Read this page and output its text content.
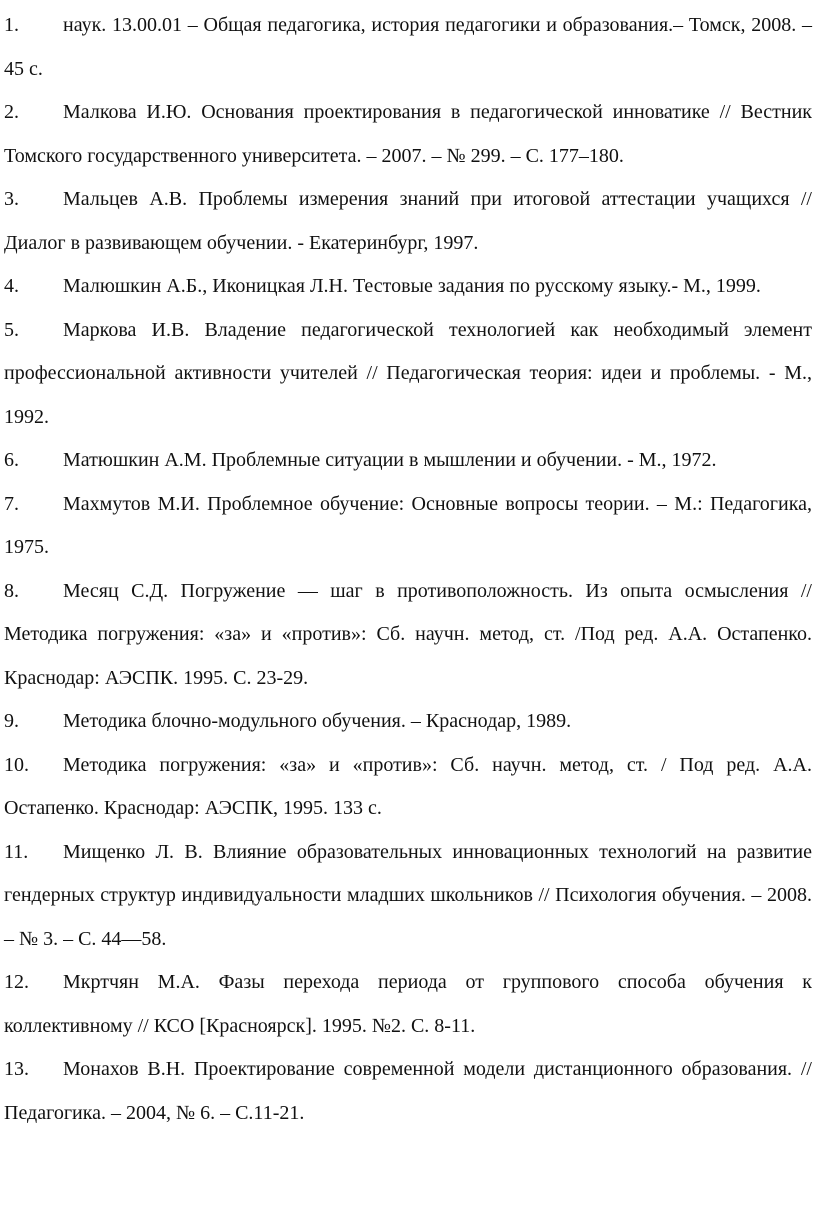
1. наук. 13.00.01 – Общая педагогика, история педагогики и образования.– Томск, 2008. – 45 с.
2. Малкова И.Ю. Основания проектирования в педагогической инноватике // Вестник Томского государственного университета. – 2007. – № 299. – С. 177–180.
3. Мальцев А.В. Проблемы измерения знаний при итоговой аттестации учащихся // Диалог в развивающем обучении. - Екатеринбург, 1997.
4. Малюшкин А.Б., Иконицкая Л.Н. Тестовые задания по русскому языку.- М., 1999.
5. Маркова И.В. Владение педагогической технологией как необходимый элемент профессиональной активности учителей // Педагогическая теория: идеи и проблемы. - М., 1992.
6. Матюшкин А.М. Проблемные ситуации в мышлении и обучении. - М., 1972.
7. Махмутов М.И. Проблемное обучение: Основные вопросы теории. – М.: Педагогика, 1975.
8. Месяц С.Д. Погружение — шаг в противоположность. Из опыта осмысления // Методика погружения: «за» и «против»: Сб. научн. метод, ст. /Под ред. А.А. Остапенко. Краснодар: АЭСПК. 1995. С. 23-29.
9. Методика блочно-модульного обучения. – Краснодар, 1989.
10. Методика погружения: «за» и «против»: Сб. научн. метод, ст. / Под ред. А.А. Остапенко. Краснодар: АЭСПК, 1995. 133 с.
11. Мищенко Л. В. Влияние образовательных инновационных технологий на развитие гендерных структур индивидуальности младших школьников // Психология обучения. – 2008. – № 3. – С. 44—58.
12. Мкртчян М.А. Фазы перехода периода от группового способа обучения к коллективному // КСО [Красноярск]. 1995. №2. С. 8-11.
13. Монахов В.Н. Проектирование современной модели дистанционного образования. // Педагогика. – 2004, № 6. – С.11-21.
